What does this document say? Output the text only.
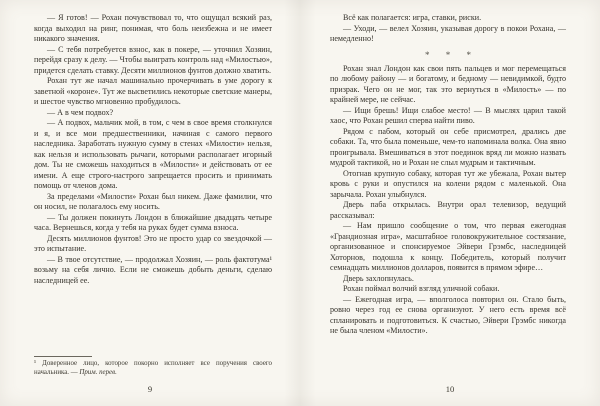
— Я готов! — Рохан почувствовал то, что ощущал всякий раз, когда выходил на ринг, понимая, что боль неизбежна и не имеет никакого значения.

— С тебя потребуется взнос, как в покере, — уточнил Хозяин, перейдя сразу к делу. — Чтобы выиграть контроль над «Милостью», придется сделать ставку. Десяти миллионов фунтов должно хватить.

Рохан тут же начал машинально прочерчивать в уме дорогу к заветной «короне». Тут же высветились некоторые светские манеры, и шестое чувство мгновенно пробудилось.

— А в чем подвох?

— А подвох, мальчик мой, в том, с чем в свое время столкнулся и я, и все мои предшественники, начиная с самого первого наследника. Заработать нужную сумму в стенах «Милости» нельзя, как нельзя и использовать рычаги, которыми располагает игорный дом. Ты не сможешь находиться в «Милости» и действовать от ее имени. А еще строго-настрого запрещается просить и принимать помощь от членов дома.

За пределами «Милости» Рохан был никем. Даже фамилии, что он носил, не полагалось ему носить.

— Ты должен покинуть Лондон в ближайшие двадцать четыре часа. Вернешься, когда у тебя на руках будет сумма взноса.

Десять миллионов фунтов! Это не просто удар со звездочкой — это испытание.

— В твое отсутствие, — продолжал Хозяин, — роль фактотума¹ возьму на себя лично. Если не сможешь добыть деньги, сделаю наследницей ее.

¹ Доверенное лицо, которое покорно исполняет все поручения своего начальника. — Прим. перев.

9

Всё как полагается: игра, ставки, риски.

— Уходи, — велел Хозяин, указывая дорогу в покои Рохана, — немедленно!

* * *

Рохан знал Лондон как свои пять пальцев и мог перемещаться по любому району — и богатому, и бедному — невидимкой, будто призрак. Чего он не мог, так это вернуться в «Милость» — по крайней мере, не сейчас.

— Ищи брешь! Ищи слабое место! — В мыслях царил такой хаос, что Рохан решил сперва найти пиво.

Рядом с пабом, который он себе присмотрел, дрались две собаки. Та, что была поменьше, чем-то напоминала волка. Она явно проигрывала. Вмешиваться в этот поединок вряд ли можно назвать мудрой тактикой, но и Рохан не слыл мудрым и тактичным.

Отогнав крупную собаку, которая тут же убежала, Рохан вытер кровь с руки и опустился на колени рядом с маленькой. Она зарычала. Рохан улыбнулся.

Дверь паба открылась. Внутри орал телевизор, ведущий рассказывал:

— Нам пришло сообщение о том, что первая ежегодная «Грандиозная игра», масштабное головокружительное состязание, организованное и спонсируемое Эйвери Грэмбс, наследницей Хоторнов, подошла к концу. Победитель, который получит семнадцать миллионов долларов, появится в прямом эфире…

Дверь захлопнулась.

Рохан поймал волчий взгляд уличной собаки.

— Ежегодная игра, — вполголоса повторил он. Стало быть, ровно через год ее снова организуют. У него есть время всё спланировать и подготовиться. К счастью, Эйвери Грэмбс никогда не была членом «Милости».

10
